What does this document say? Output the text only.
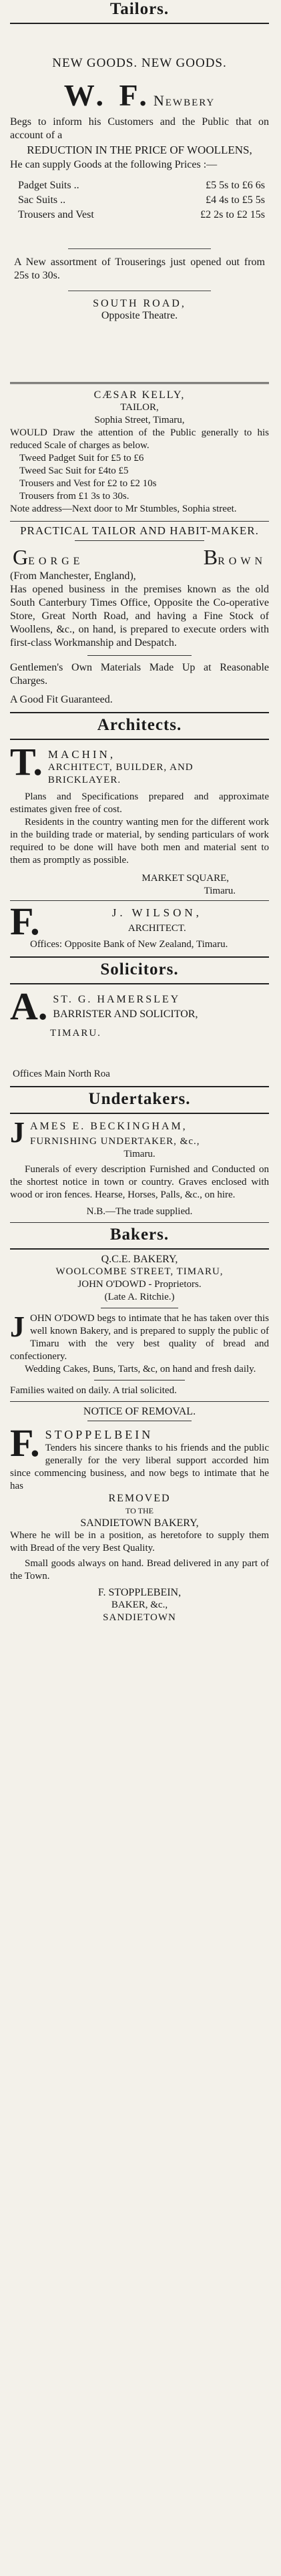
Tailors.
NEW GOODS. NEW GOODS.
W. F. Newbery
Begs to inform his Customers and the Public that on account of a
REDUCTION IN THE PRICE OF WOOLLENS,
He can supply Goods at the following Prices :—
Padget Suits ..	£5 5s to £6 6s
Sac Suits ..	£4 4s to £5 5s
Trousers and Vest	£2 2s to £2 15s
A New assortment of Trouserings just opened out from 25s to 30s.
SOUTH ROAD,
Opposite Theatre.
CÆSAR KELLY,
TAILOR,
Sophia Street, Timaru,
WOULD Draw the attention of the Public generally to his reduced Scale of charges as below.
Tweed Padget Suit for £5 to £6
Tweed Sac Suit for £4to £5
Trousers and Vest for £2 to £2 10s
Trousers from £1 3s to 30s.
Note address—Next door to Mr Stumbles, Sophia street.
PRACTICAL TAILOR AND HABIT-MAKER.
GEORGE	BROWN
(From Manchester, England),
Has opened business in the premises known as the old South Canterbury Times Office, Opposite the Co-operative Store, Great North Road, and having a Fine Stock of Woollens, &c., on hand, is prepared to execute orders with first-class Workmanship and Despatch.
Gentlemen's Own Materials Made Up at Reasonable Charges.
A Good Fit Guaranteed.
Architects.
T. MACHIN,
ARCHITECT, BUILDER, AND BRICKLAYER.
Plans and Specifications prepared and approximate estimates given free of cost.
Residents in the country wanting men for the different work in the building trade or material, by sending particulars of work required to be done will have both men and material sent to them as promptly as possible.
MARKET SQUARE,
Timaru.
F.	J. WILSON,
ARCHITECT.
Offices: Opposite Bank of New Zealand, Timaru.
Solicitors.
A. ST. G. HAMERSLEY
BARRISTER AND SOLICITOR,
TIMARU.
Offices Main North Roa
Undertakers.
J AMES E. BECKINGHAM,
FURNISHING UNDERTAKER, &c.,
Timaru.
Funerals of every description Furnished and Conducted on the shortest notice in town or country. Graves enclosed with wood or iron fences. Hearse, Horses, Palls, &c., on hire.
N.B.—The trade supplied.
Bakers.
Q.C.E. BAKERY,
WOOLCOMBE STREET, TIMARU,
JOHN O'DOWD - Proprietors.
(Late A. Ritchie.)
J OHN O'DOWD begs to intimate that he has taken over this well known Bakery, and is prepared to supply the public of Timaru with the very best quality of bread and confectionery.
Wedding Cakes, Buns, Tarts, &c, on hand and fresh daily.
Families waited on daily. A trial solicited.
NOTICE OF REMOVAL.
F. STOPPELBEIN
Tenders his sincere thanks to his friends and the public generally for the very liberal support accorded him since commencing business, and now begs to intimate that he has
REMOVED
TO THE
SANDIETOWN BAKERY,
Where he will be in a position, as heretofore to supply them with Bread of the very Best Quality.
Small goods always on hand. Bread delivered in any part of the Town.
F. STOPPLEBEIN,
BAKER, &c.,
SANDIETOWN
